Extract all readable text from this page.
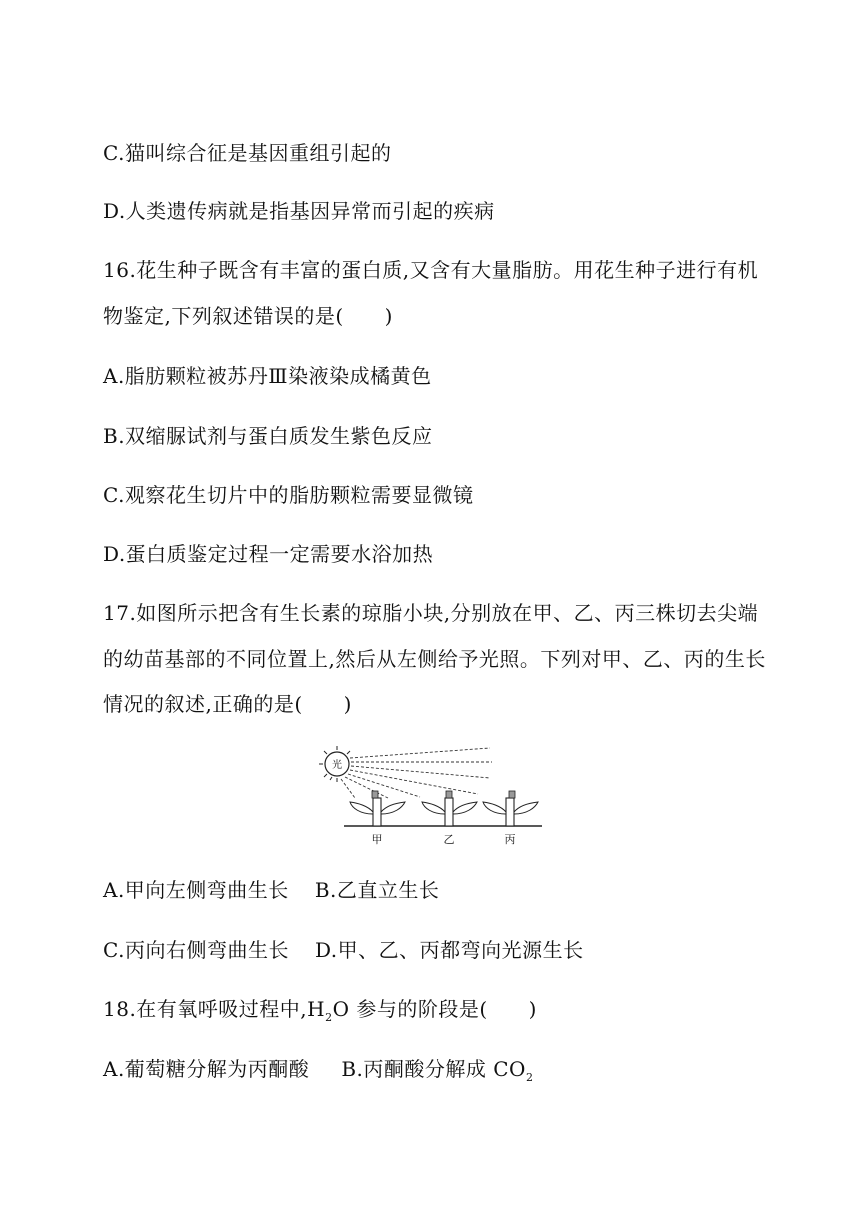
C.猫叫综合征是基因重组引起的
D.人类遗传病就是指基因异常而引起的疾病
16.花生种子既含有丰富的蛋白质,又含有大量脂肪。用花生种子进行有机
物鉴定,下列叙述错误的是(　　)
A.脂肪颗粒被苏丹Ⅲ染液染成橘黄色
B.双缩脲试剂与蛋白质发生紫色反应
C.观察花生切片中的脂肪颗粒需要显微镜
D.蛋白质鉴定过程一定需要水浴加热
17.如图所示把含有生长素的琼脂小块,分别放在甲、乙、丙三株切去尖端
的幼苗基部的不同位置上,然后从左侧给予光照。下列对甲、乙、丙的生长
情况的叙述,正确的是(　　)
光
甲	乙	丙
A.甲向左侧弯曲生长 B.乙直立生长
C.丙向右侧弯曲生长 D.甲、乙、丙都弯向光源生长
18.在有氧呼吸过程中$,H_2O$ 参与的阶段是(　　)
A.葡萄糖分解为丙酮酸 B.丙酮酸分解成 $CO_2$
